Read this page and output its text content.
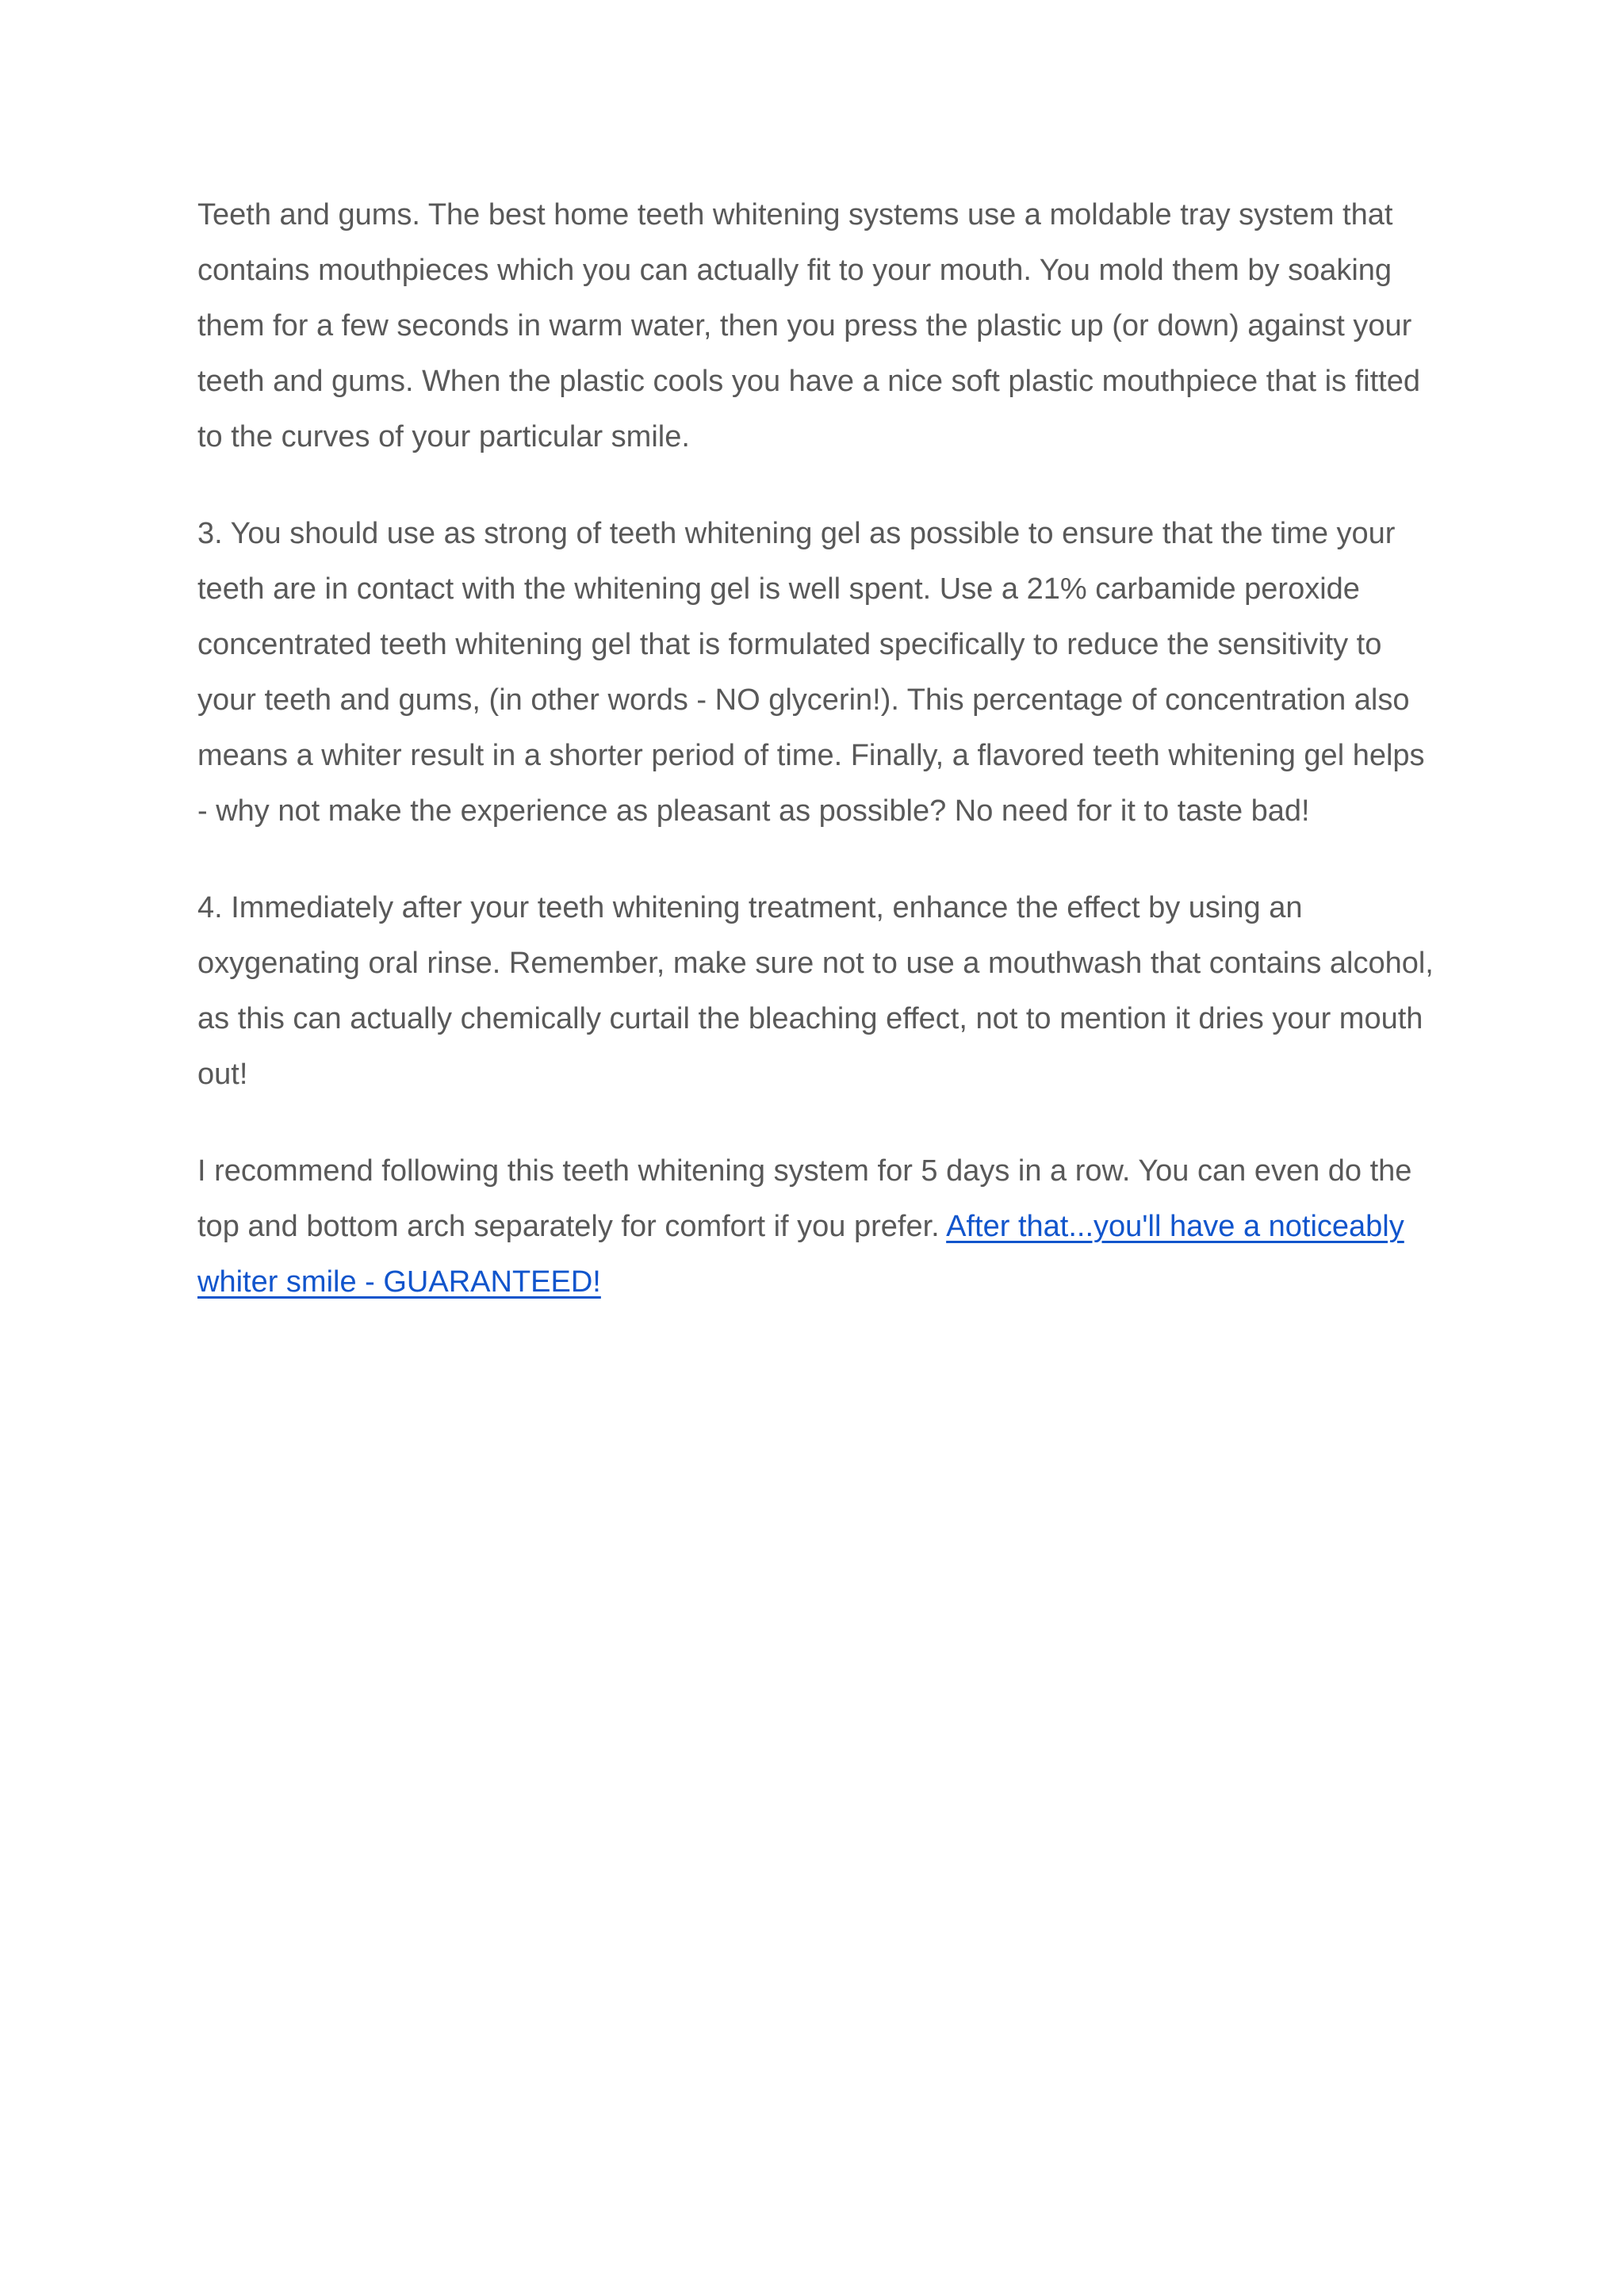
Teeth and gums. The best home teeth whitening systems use a moldable tray system that contains mouthpieces which you can actually fit to your mouth. You mold them by soaking them for a few seconds in warm water, then you press the plastic up (or down) against your teeth and gums. When the plastic cools you have a nice soft plastic mouthpiece that is fitted to the curves of your particular smile.

3. You should use as strong of teeth whitening gel as possible to ensure that the time your teeth are in contact with the whitening gel is well spent. Use a 21% carbamide peroxide concentrated teeth whitening gel that is formulated specifically to reduce the sensitivity to your teeth and gums, (in other words - NO glycerin!). This percentage of concentration also means a whiter result in a shorter period of time. Finally, a flavored teeth whitening gel helps - why not make the experience as pleasant as possible? No need for it to taste bad!

4. Immediately after your teeth whitening treatment, enhance the effect by using an oxygenating oral rinse. Remember, make sure not to use a mouthwash that contains alcohol, as this can actually chemically curtail the bleaching effect, not to mention it dries your mouth out!

I recommend following this teeth whitening system for 5 days in a row. You can even do the top and bottom arch separately for comfort if you prefer. After that...you'll have a noticeably whiter smile - GUARANTEED!
